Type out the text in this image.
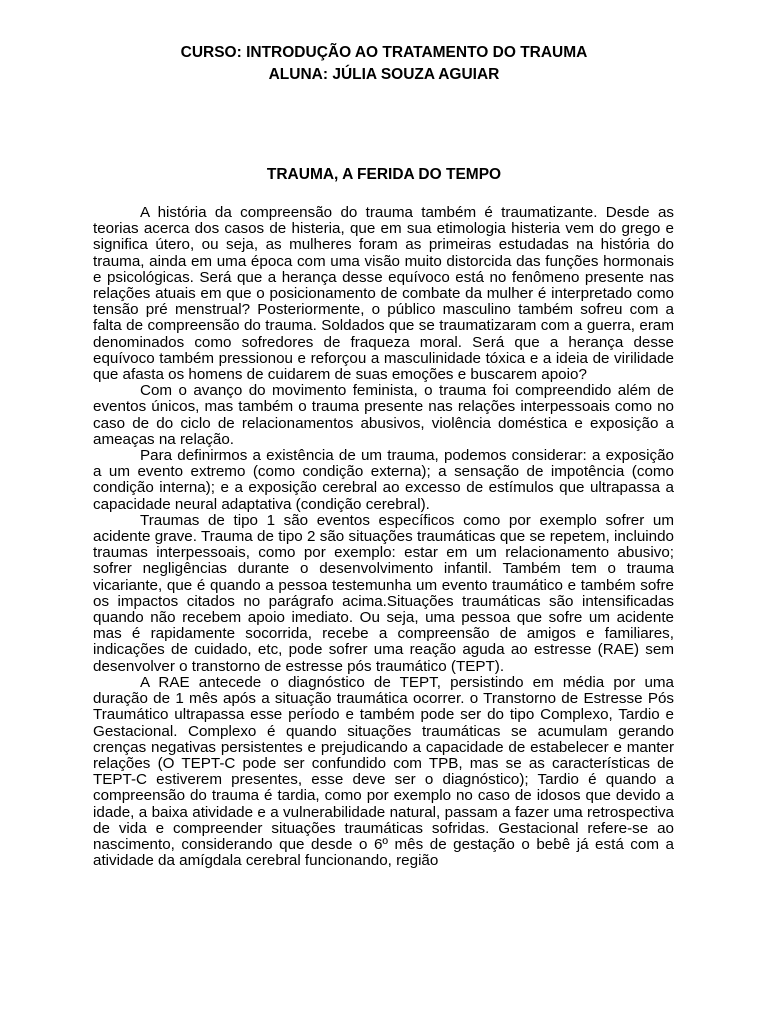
CURSO: INTRODUÇÃO AO TRATAMENTO DO TRAUMA
ALUNA: JÚLIA SOUZA AGUIAR
TRAUMA, A FERIDA DO TEMPO

A história da compreensão do trauma também é traumatizante. Desde as teorias acerca dos casos de histeria, que em sua etimologia histeria vem do grego e significa útero, ou seja, as mulheres foram as primeiras estudadas na história do trauma, ainda em uma época com uma visão muito distorcida das funções hormonais e psicológicas. Será que a herança desse equívoco está no fenômeno presente nas relações atuais em que o posicionamento de combate da mulher é interpretado como tensão pré menstrual? Posteriormente, o público masculino também sofreu com a falta de compreensão do trauma. Soldados que se traumatizaram com a guerra, eram denominados como sofredores de fraqueza moral. Será que a herança desse equívoco também pressionou e reforçou a masculinidade tóxica e a ideia de virilidade que afasta os homens de cuidarem de suas emoções e buscarem apoio?

Com o avanço do movimento feminista, o trauma foi compreendido além de eventos únicos, mas também o trauma presente nas relações interpessoais como no caso de do ciclo de relacionamentos abusivos, violência doméstica e exposição a ameaças na relação.

Para definirmos a existência de um trauma, podemos considerar: a exposição a um evento extremo (como condição externa); a sensação de impotência (como condição interna); e a exposição cerebral ao excesso de estímulos que ultrapassa a capacidade neural adaptativa (condição cerebral).

Traumas de tipo 1 são eventos específicos como por exemplo sofrer um acidente grave. Trauma de tipo 2 são situações traumáticas que se repetem, incluindo traumas interpessoais, como por exemplo: estar em um relacionamento abusivo; sofrer negligências durante o desenvolvimento infantil. Também tem o trauma vicariante, que é quando a pessoa testemunha um evento traumático e também sofre os impactos citados no parágrafo acima.Situações traumáticas são intensificadas quando não recebem apoio imediato. Ou seja, uma pessoa que sofre um acidente mas é rapidamente socorrida, recebe a compreensão de amigos e familiares, indicações de cuidado, etc, pode sofrer uma reação aguda ao estresse (RAE) sem desenvolver o transtorno de estresse pós traumático (TEPT).

A RAE antecede o diagnóstico de TEPT, persistindo em média por uma duração de 1 mês após a situação traumática ocorrer. o Transtorno de Estresse Pós Traumático ultrapassa esse período e também pode ser do tipo Complexo, Tardio e Gestacional. Complexo é quando situações traumáticas se acumulam gerando crenças negativas persistentes e prejudicando a capacidade de estabelecer e manter relações (O TEPT-C pode ser confundido com TPB, mas se as características de TEPT-C estiverem presentes, esse deve ser o diagnóstico); Tardio é quando a compreensão do trauma é tardia, como por exemplo no caso de idosos que devido a idade, a baixa atividade e a vulnerabilidade natural, passam a fazer uma retrospectiva de vida e compreender situações traumáticas sofridas. Gestacional refere-se ao nascimento, considerando que desde o 6º mês de gestação o bebê já está com a atividade da amígdala cerebral funcionando, região
